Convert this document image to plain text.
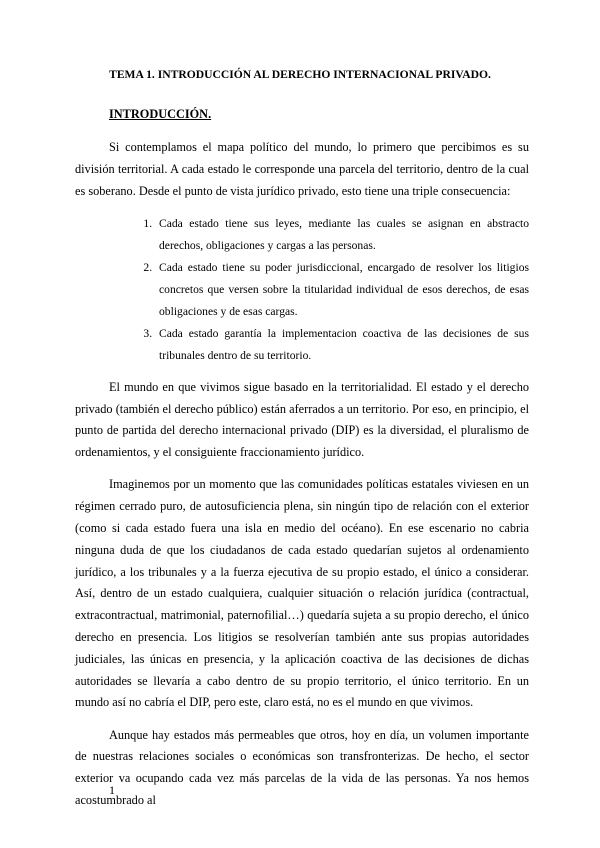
TEMA 1. INTRODUCCIÓN AL DERECHO INTERNACIONAL PRIVADO.
INTRODUCCIÓN.

Si contemplamos el mapa político del mundo, lo primero que percibimos es su división territorial. A cada estado le corresponde una parcela del territorio, dentro de la cual es soberano. Desde el punto de vista jurídico privado, esto tiene una triple consecuencia:

1. Cada estado tiene sus leyes, mediante las cuales se asignan en abstracto derechos, obligaciones y cargas a las personas.
2. Cada estado tiene su poder jurisdiccional, encargado de resolver los litigios concretos que versen sobre la titularidad individual de esos derechos, de esas obligaciones y de esas cargas.
3. Cada estado garantía la implementacion coactiva de las decisiones de sus tribunales dentro de su territorio.

El mundo en que vivimos sigue basado en la territorialidad. El estado y el derecho privado (también el derecho público) están aferrados a un territorio. Por eso, en principio, el punto de partida del derecho internacional privado (DIP) es la diversidad, el pluralismo de ordenamientos, y el consiguiente fraccionamiento jurídico.

Imaginemos por un momento que las comunidades políticas estatales viviesen en un régimen cerrado puro, de autosuficiencia plena, sin ningún tipo de relación con el exterior (como si cada estado fuera una isla en medio del océano). En ese escenario no cabria ninguna duda de que los ciudadanos de cada estado quedarían sujetos al ordenamiento jurídico, a los tribunales y a la fuerza ejecutiva de su propio estado, el único a considerar. Así, dentro de un estado cualquiera, cualquier situación o relación jurídica (contractual, extracontractual, matrimonial, paternofilial…) quedaría sujeta a su propio derecho, el único derecho en presencia. Los litigios se resolverían también ante sus propias autoridades judiciales, las únicas en presencia, y la aplicación coactiva de las decisiones de dichas autoridades se llevaría a cabo dentro de su propio territorio, el único territorio. En un mundo así no cabría el DIP, pero este, claro está, no es el mundo en que vivimos.

Aunque hay estados más permeables que otros, hoy en día, un volumen importante de nuestras relaciones sociales o económicas son transfronterizas. De hecho, el sector exterior va ocupando cada vez más parcelas de la vida de las personas. Ya nos hemos acostumbrado al

1
